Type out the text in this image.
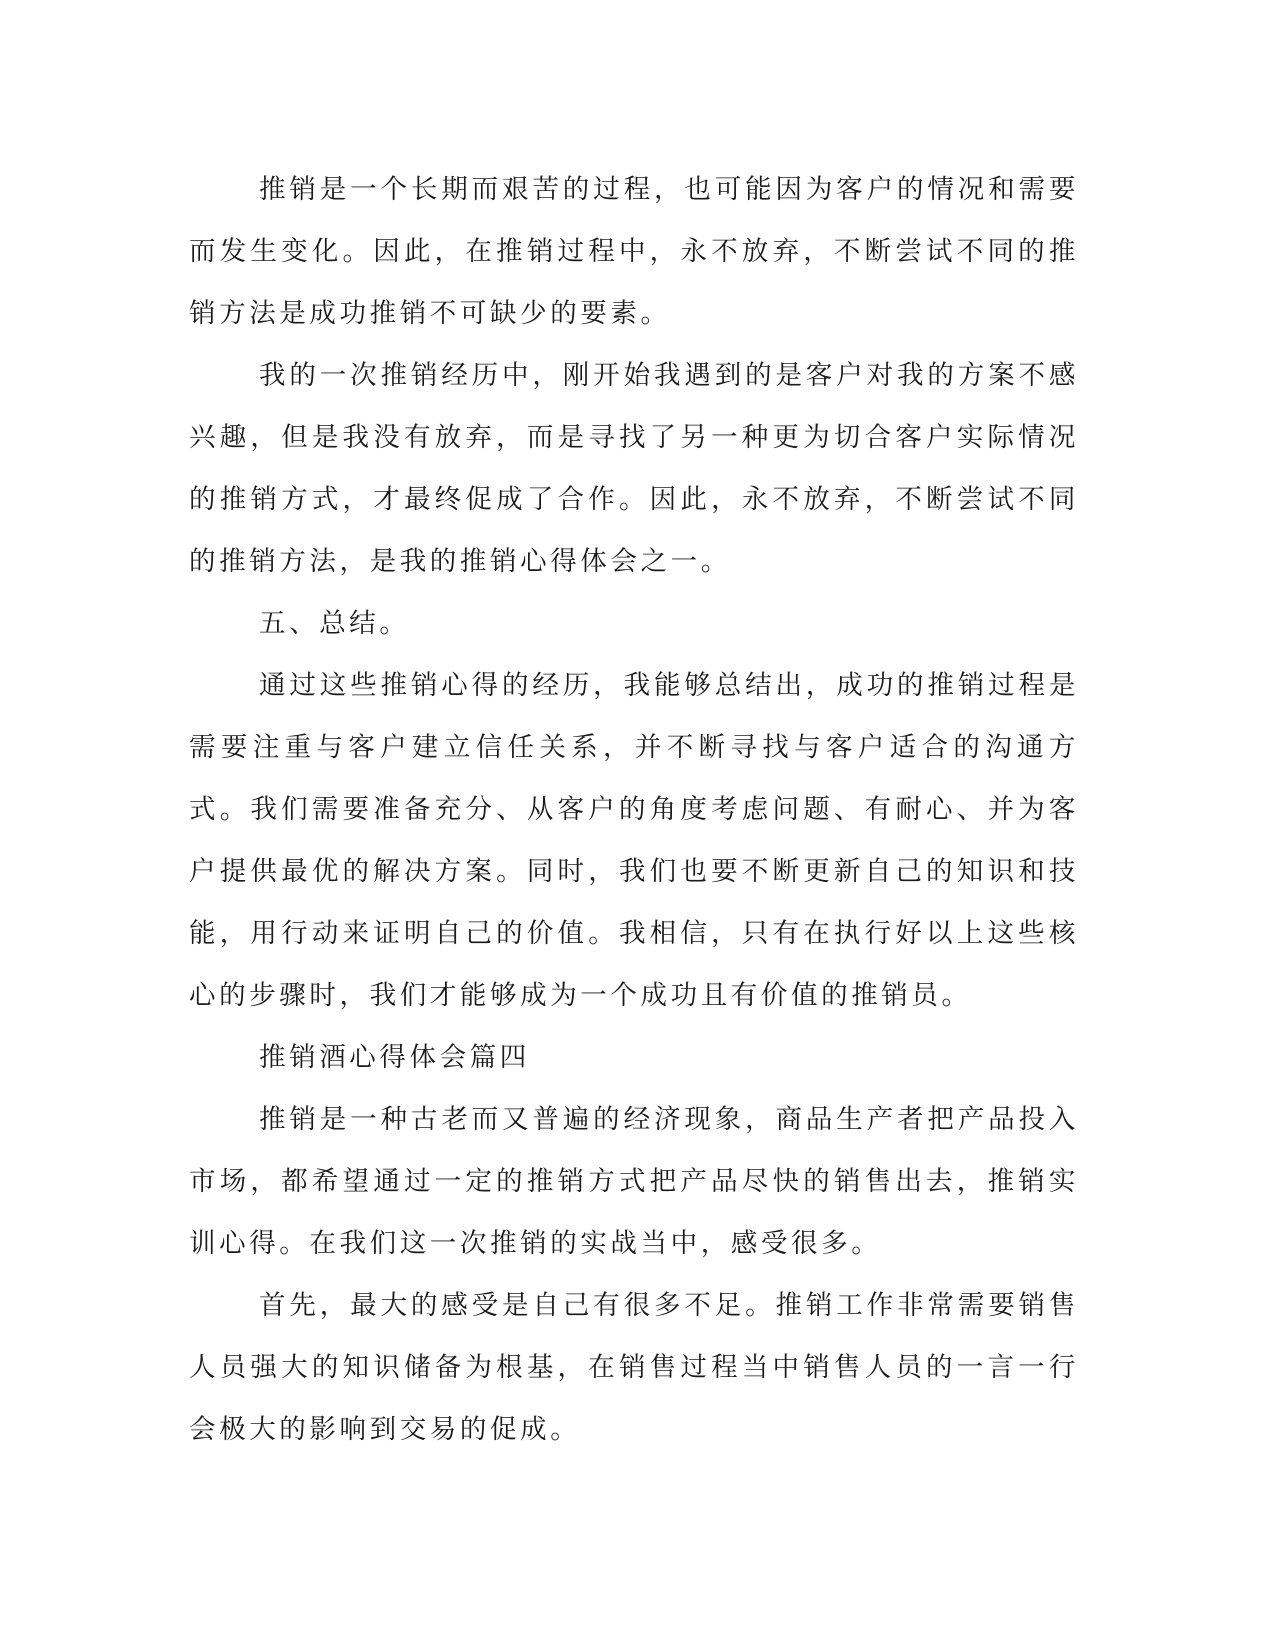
推销是一个长期而艰苦的过程，也可能因为客户的情况和需要而发生变化。因此，在推销过程中，永不放弃，不断尝试不同的推销方法是成功推销不可缺少的要素。

我的一次推销经历中，刚开始我遇到的是客户对我的方案不感兴趣，但是我没有放弃，而是寻找了另一种更为切合客户实际情况的推销方式，才最终促成了合作。因此，永不放弃，不断尝试不同的推销方法，是我的推销心得体会之一。

五、总结。

通过这些推销心得的经历，我能够总结出，成功的推销过程是需要注重与客户建立信任关系，并不断寻找与客户适合的沟通方式。我们需要准备充分、从客户的角度考虑问题、有耐心、并为客户提供最优的解决方案。同时，我们也要不断更新自己的知识和技能，用行动来证明自己的价值。我相信，只有在执行好以上这些核心的步骤时，我们才能够成为一个成功且有价值的推销员。

推销酒心得体会篇四

推销是一种古老而又普遍的经济现象，商品生产者把产品投入市场，都希望通过一定的推销方式把产品尽快的销售出去，推销实训心得。在我们这一次推销的实战当中，感受很多。

首先，最大的感受是自己有很多不足。推销工作非常需要销售人员强大的知识储备为根基，在销售过程当中销售人员的一言一行会极大的影响到交易的促成。
